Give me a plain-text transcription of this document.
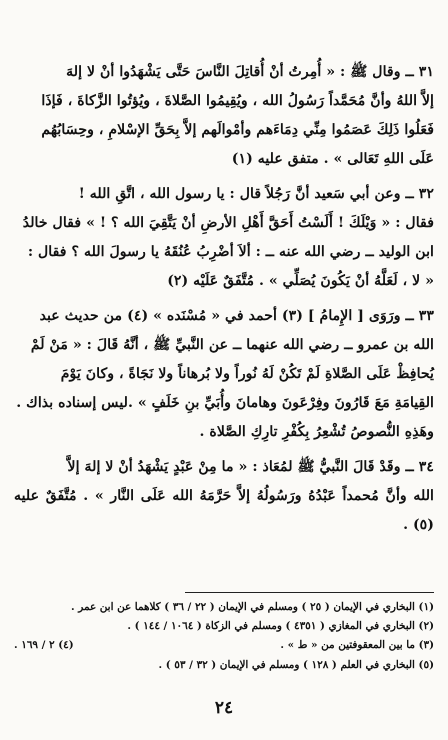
٣١ ــ وقال ﷺ : « أُمِرتُ أنْ أُقاتِلَ النَّاسَ حَتَّى يَشْهَدُوا أنْ لا إلهَ

إلاَّ اللهُ وأنَّ مُحَمَّداً رَسُولُ الله ، ويُقِيمُوا الصَّلاةَ ، ويُؤتُوا الزَّكاةَ ، فَإذَا

فَعَلُوا ذَلِكَ عَصَمُوا مِنِّي دِمَاءَهم وأمْوالَهم إلاَّ بِحَقِّ الإسْلامِ ، وحِسَابُهُم

عَلَى اللهِ تَعَالى » . متفق عليه (١)

٣٢ ــ وعن أبي سَعيد أنَّ رَجُلاً قال : يا رسول الله ، اتَّقِ الله !

فقال : « وَيْلَكَ ! أَلَسْتُ أَحَقَّ أَهْلِ الأرضِ أنْ يَتَّقِيَ الله ؟ ! » فقال خالدُ

ابن الوليد ــ رضي الله عنه ــ : ألاَ أضْرِبُ عُنُقَهُ يا رسولَ الله ؟ فقال :

« لا ، لَعَلَّهُ أنْ يَكُونَ يُصَلِّي » . مُتَّفَقٌ عَلَيْه (٢)

٣٣ ــ ورَوَى [ الإِمامُ ] (٣) أحمد في « مُسْنَده » (٤) من حديث عبد

الله بن عمرو ــ رضي الله عنهما ــ عن النَّبيِّ ﷺ ، أنَّهُ قَالَ : « مَنْ لَمْ

يُحافِظْ عَلَى الصَّلاةِ لَمْ تَكُنْ لَهُ نُوراً ولا بُرهاناً ولا نَجَاةً ، وكانَ يَوْمَ

القِيامَةِ مَعَ قَارُونَ وفِرْعَونَ وهامانَ وأُبَيِّ بنِ خَلَفٍ » .ليس إسناده بذاك .

وهَذِهِ النُّصوصُ تُشْعِرُ بِكُفْرِ تارِكِ الصَّلاة .

٣٤ ــ وقَدْ قَالَ النَّبيُّ ﷺ لمُعَاذ : « ما مِنْ عَبْدٍ يَشْهَدُ أنْ لا إلهَ إلاَّ

الله وأنَّ مُحمداً عَبْدُهُ ورَسُولُهُ إلاَّ حَرَّمَهُ الله عَلَى النَّار » . مُتَّفَقٌ عليه (٥) .

(١) البخاري في الإيمان ( ٢٥ ) ومسلم في الإيمان ( ٢٢ / ٣٦ ) كلاهما عن ابن عمر .
(٢) البخاري في المغازي ( ٤٣٥١ ) ومسلم في الزكاة ( ١٠٦٤ / ١٤٤ ) .
(٣) ما بين المعقوفتين من « ط » .
(٤) ٢ / ١٦٩ .
(٥) البخاري في العلم ( ١٢٨ ) ومسلم في الإيمان ( ٣٢ / ٥٣ ) .
٢٤
